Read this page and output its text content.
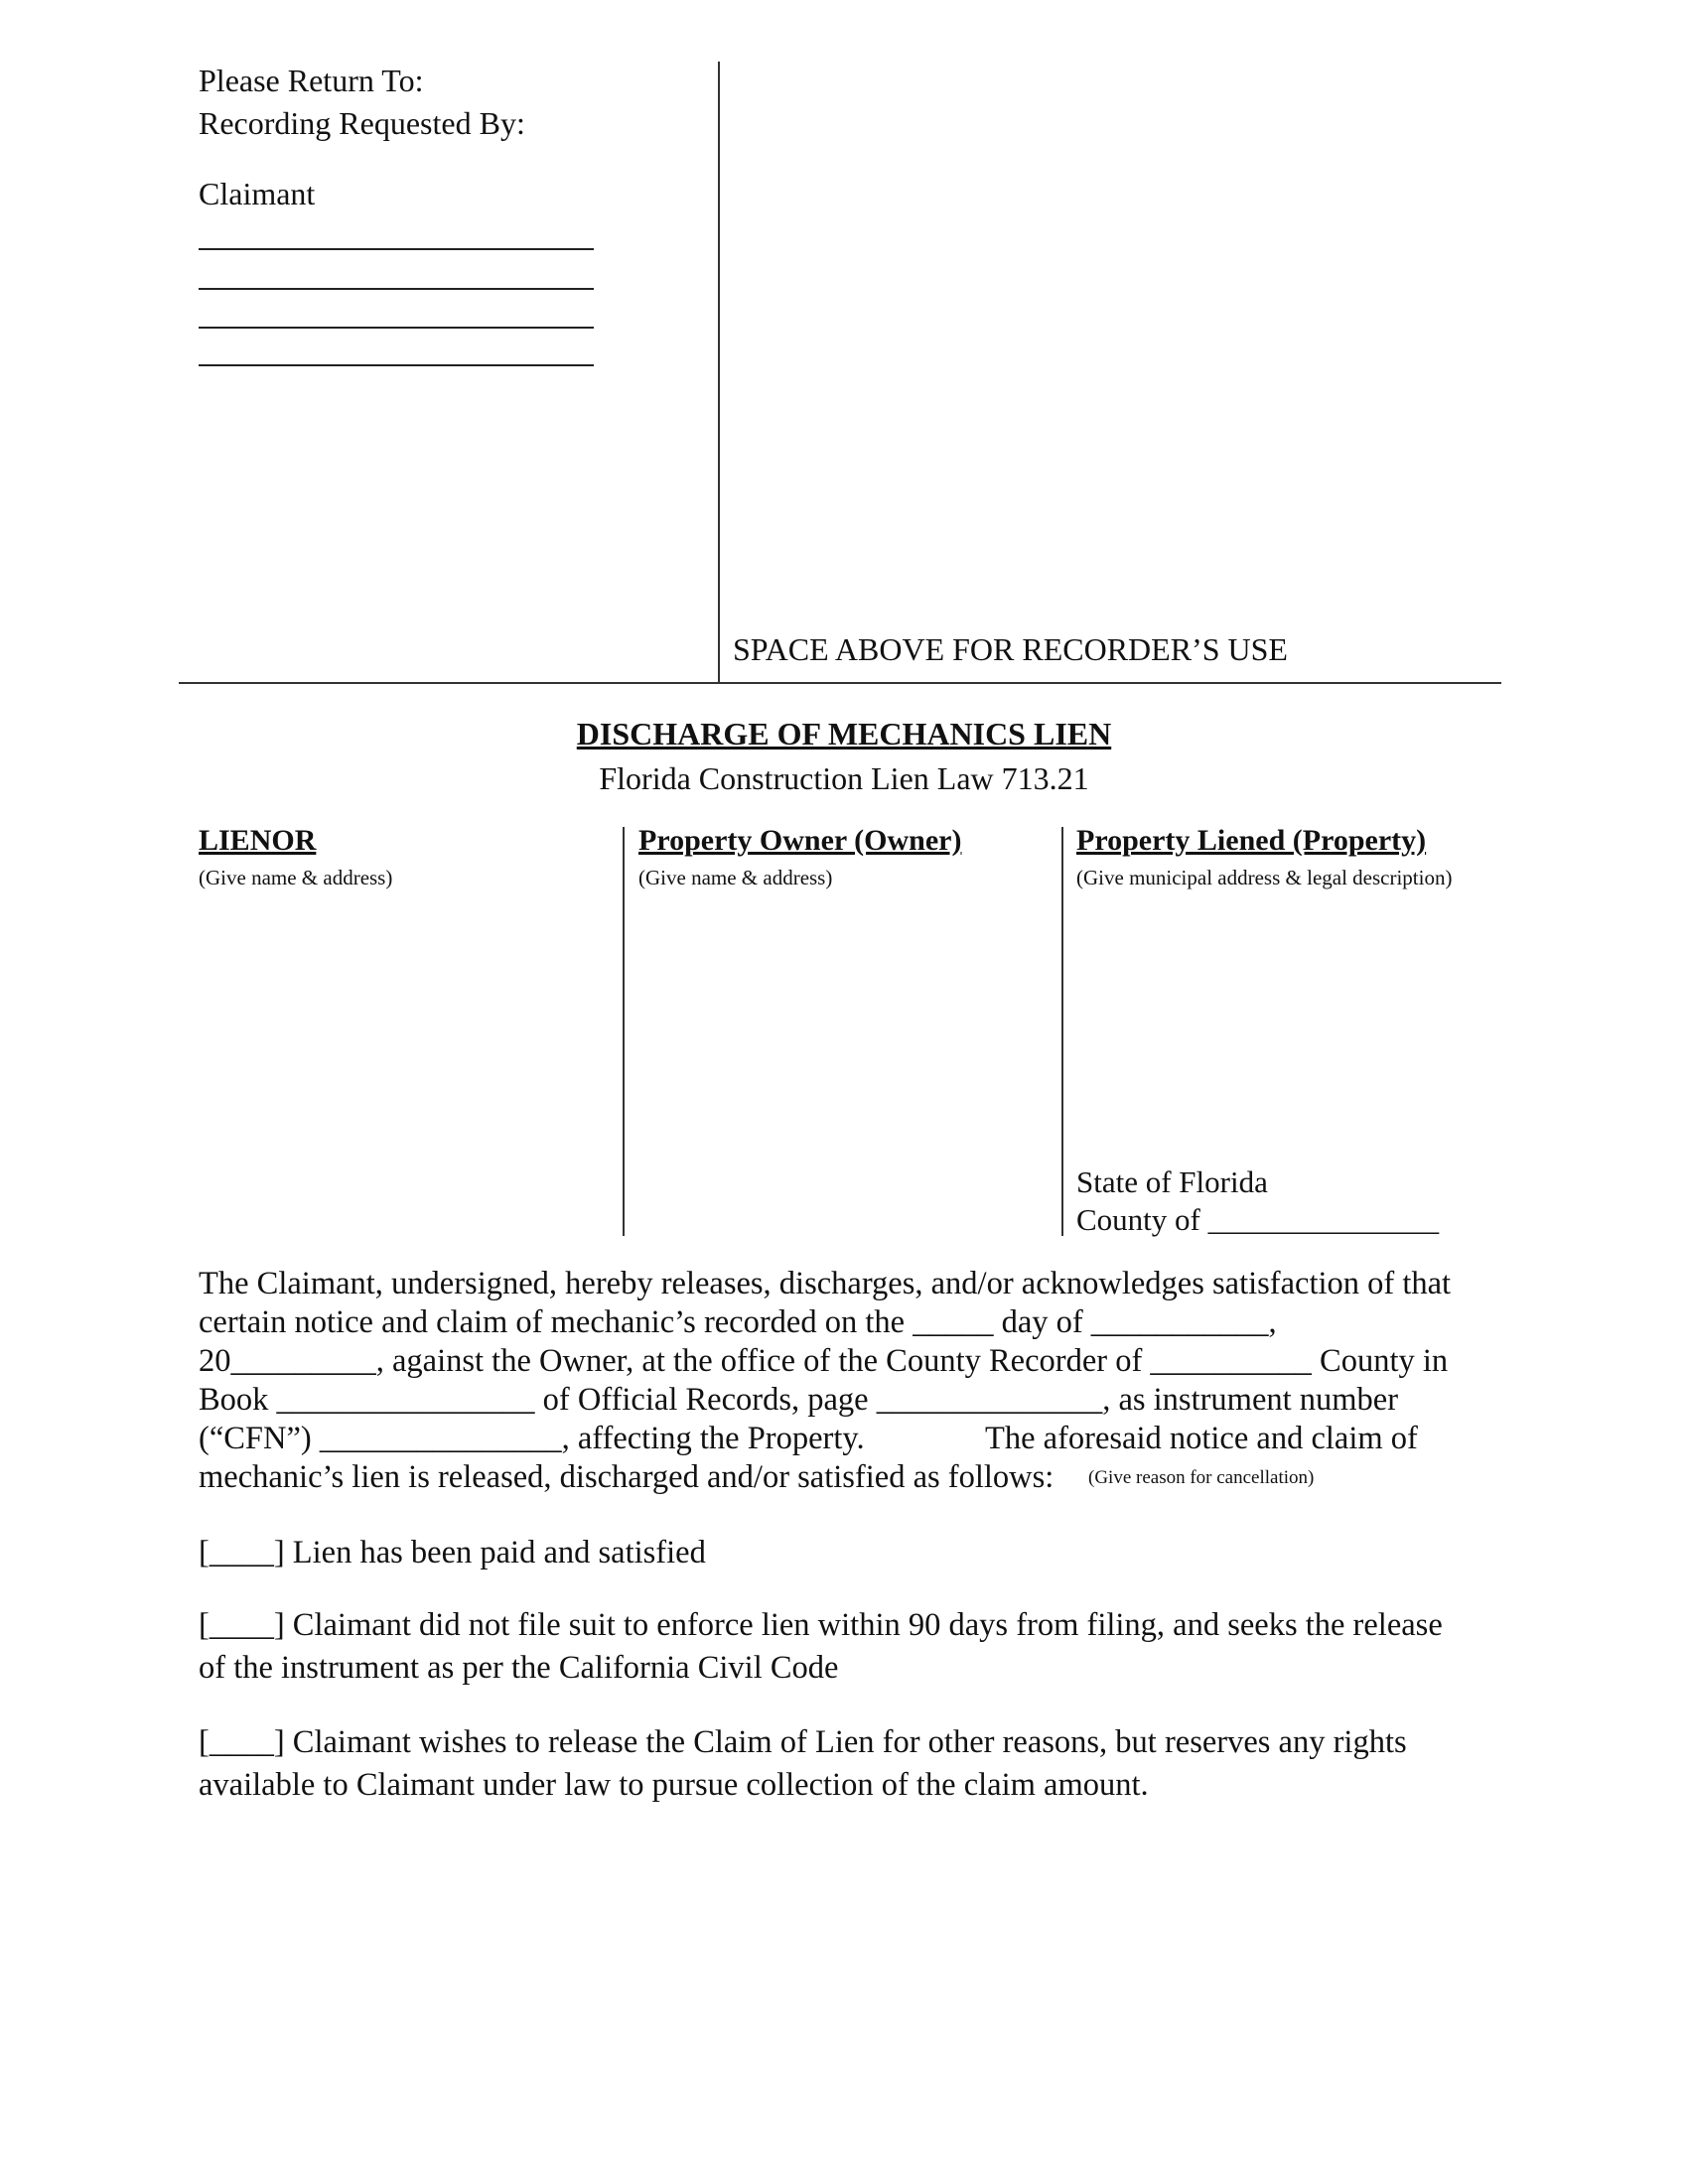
Please Return To:
Recording Requested By:
Claimant
SPACE ABOVE FOR RECORDER’S USE
DISCHARGE OF MECHANICS LIEN
Florida Construction Lien Law 713.21
LIENOR
(Give name & address)
Property Owner (Owner)
(Give name & address)
Property Liened (Property)
(Give municipal address & legal description)
State of Florida
County of _______________
The Claimant, undersigned, hereby releases, discharges, and/or acknowledges satisfaction of that
certain notice and claim of mechanic’s recorded on the _____ day of ___________,
20_________, against the Owner, at the office of the County Recorder of __________ County in
Book ________________ of Official Records, page ______________, as instrument number
(“CFN”) _______________, affecting the Property.	The aforesaid notice and claim of
mechanic’s lien is released, discharged and/or satisfied as follows: (Give reason for cancellation)
[____] Lien has been paid and satisfied
[____] Claimant did not file suit to enforce lien within 90 days from filing, and seeks the release
of the instrument as per the California Civil Code
[____] Claimant wishes to release the Claim of Lien for other reasons, but reserves any rights
available to Claimant under law to pursue collection of the claim amount.
